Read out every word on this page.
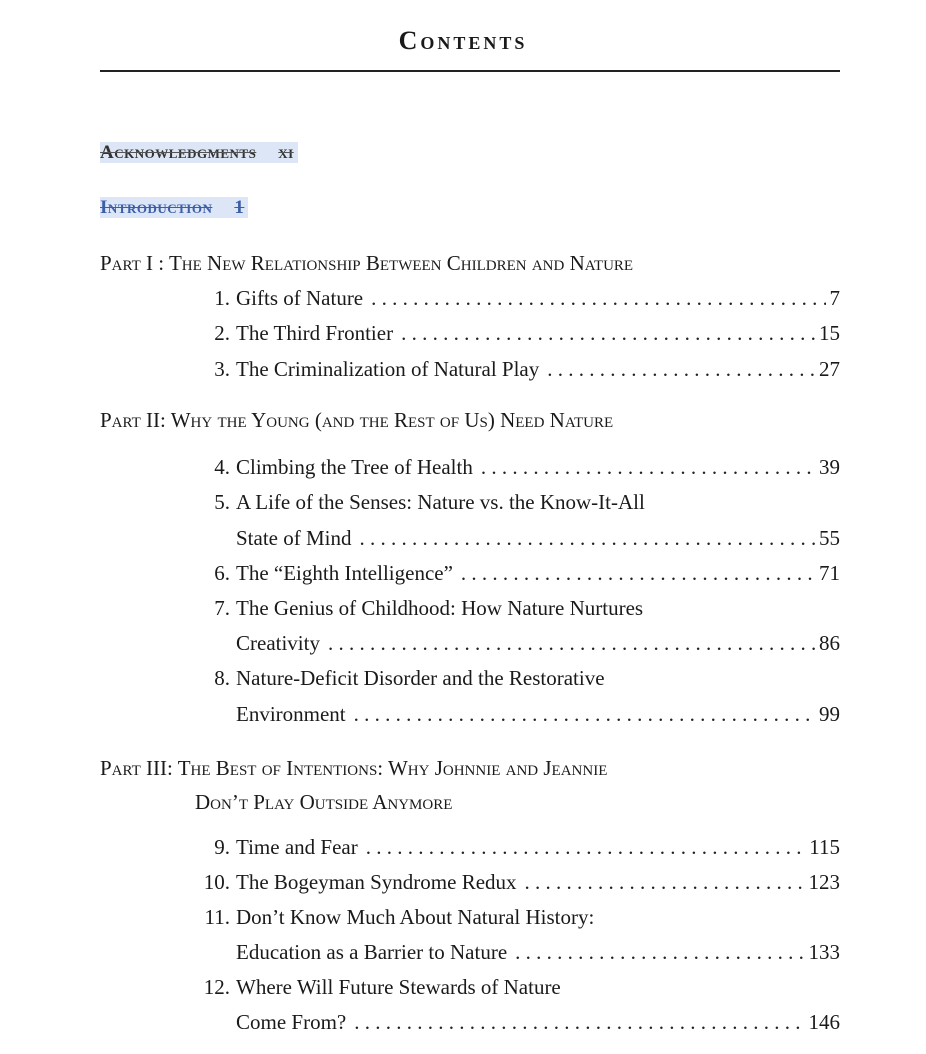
Contents
Acknowledgments xi
Introduction 1
Part I : The New Relationship Between Children and Nature
1. Gifts of Nature . . .	7
2. The Third Frontier . . .	15
3. The Criminalization of Natural Play . . .	27
Part II: Why the Young (and the Rest of Us) Need Nature
4. Climbing the Tree of Health . . .	39
5. A Life of the Senses: Nature vs. the Know-It-All
State of Mind . . .	55
6. The “Eighth Intelligence” . . .	71
7. The Genius of Childhood: How Nature Nurtures
Creativity . . .	86
8. Nature-Deficit Disorder and the Restorative
Environment . . .	99
Part III: The Best of Intentions: Why Johnnie and Jeannie
Don’t Play Outside Anymore
9. Time and Fear . . .	115
10. The Bogeyman Syndrome Redux . . .	123
11. Don’t Know Much About Natural History:
Education as a Barrier to Nature . . .	133
12. Where Will Future Stewards of Nature
Come From? . . .	146
